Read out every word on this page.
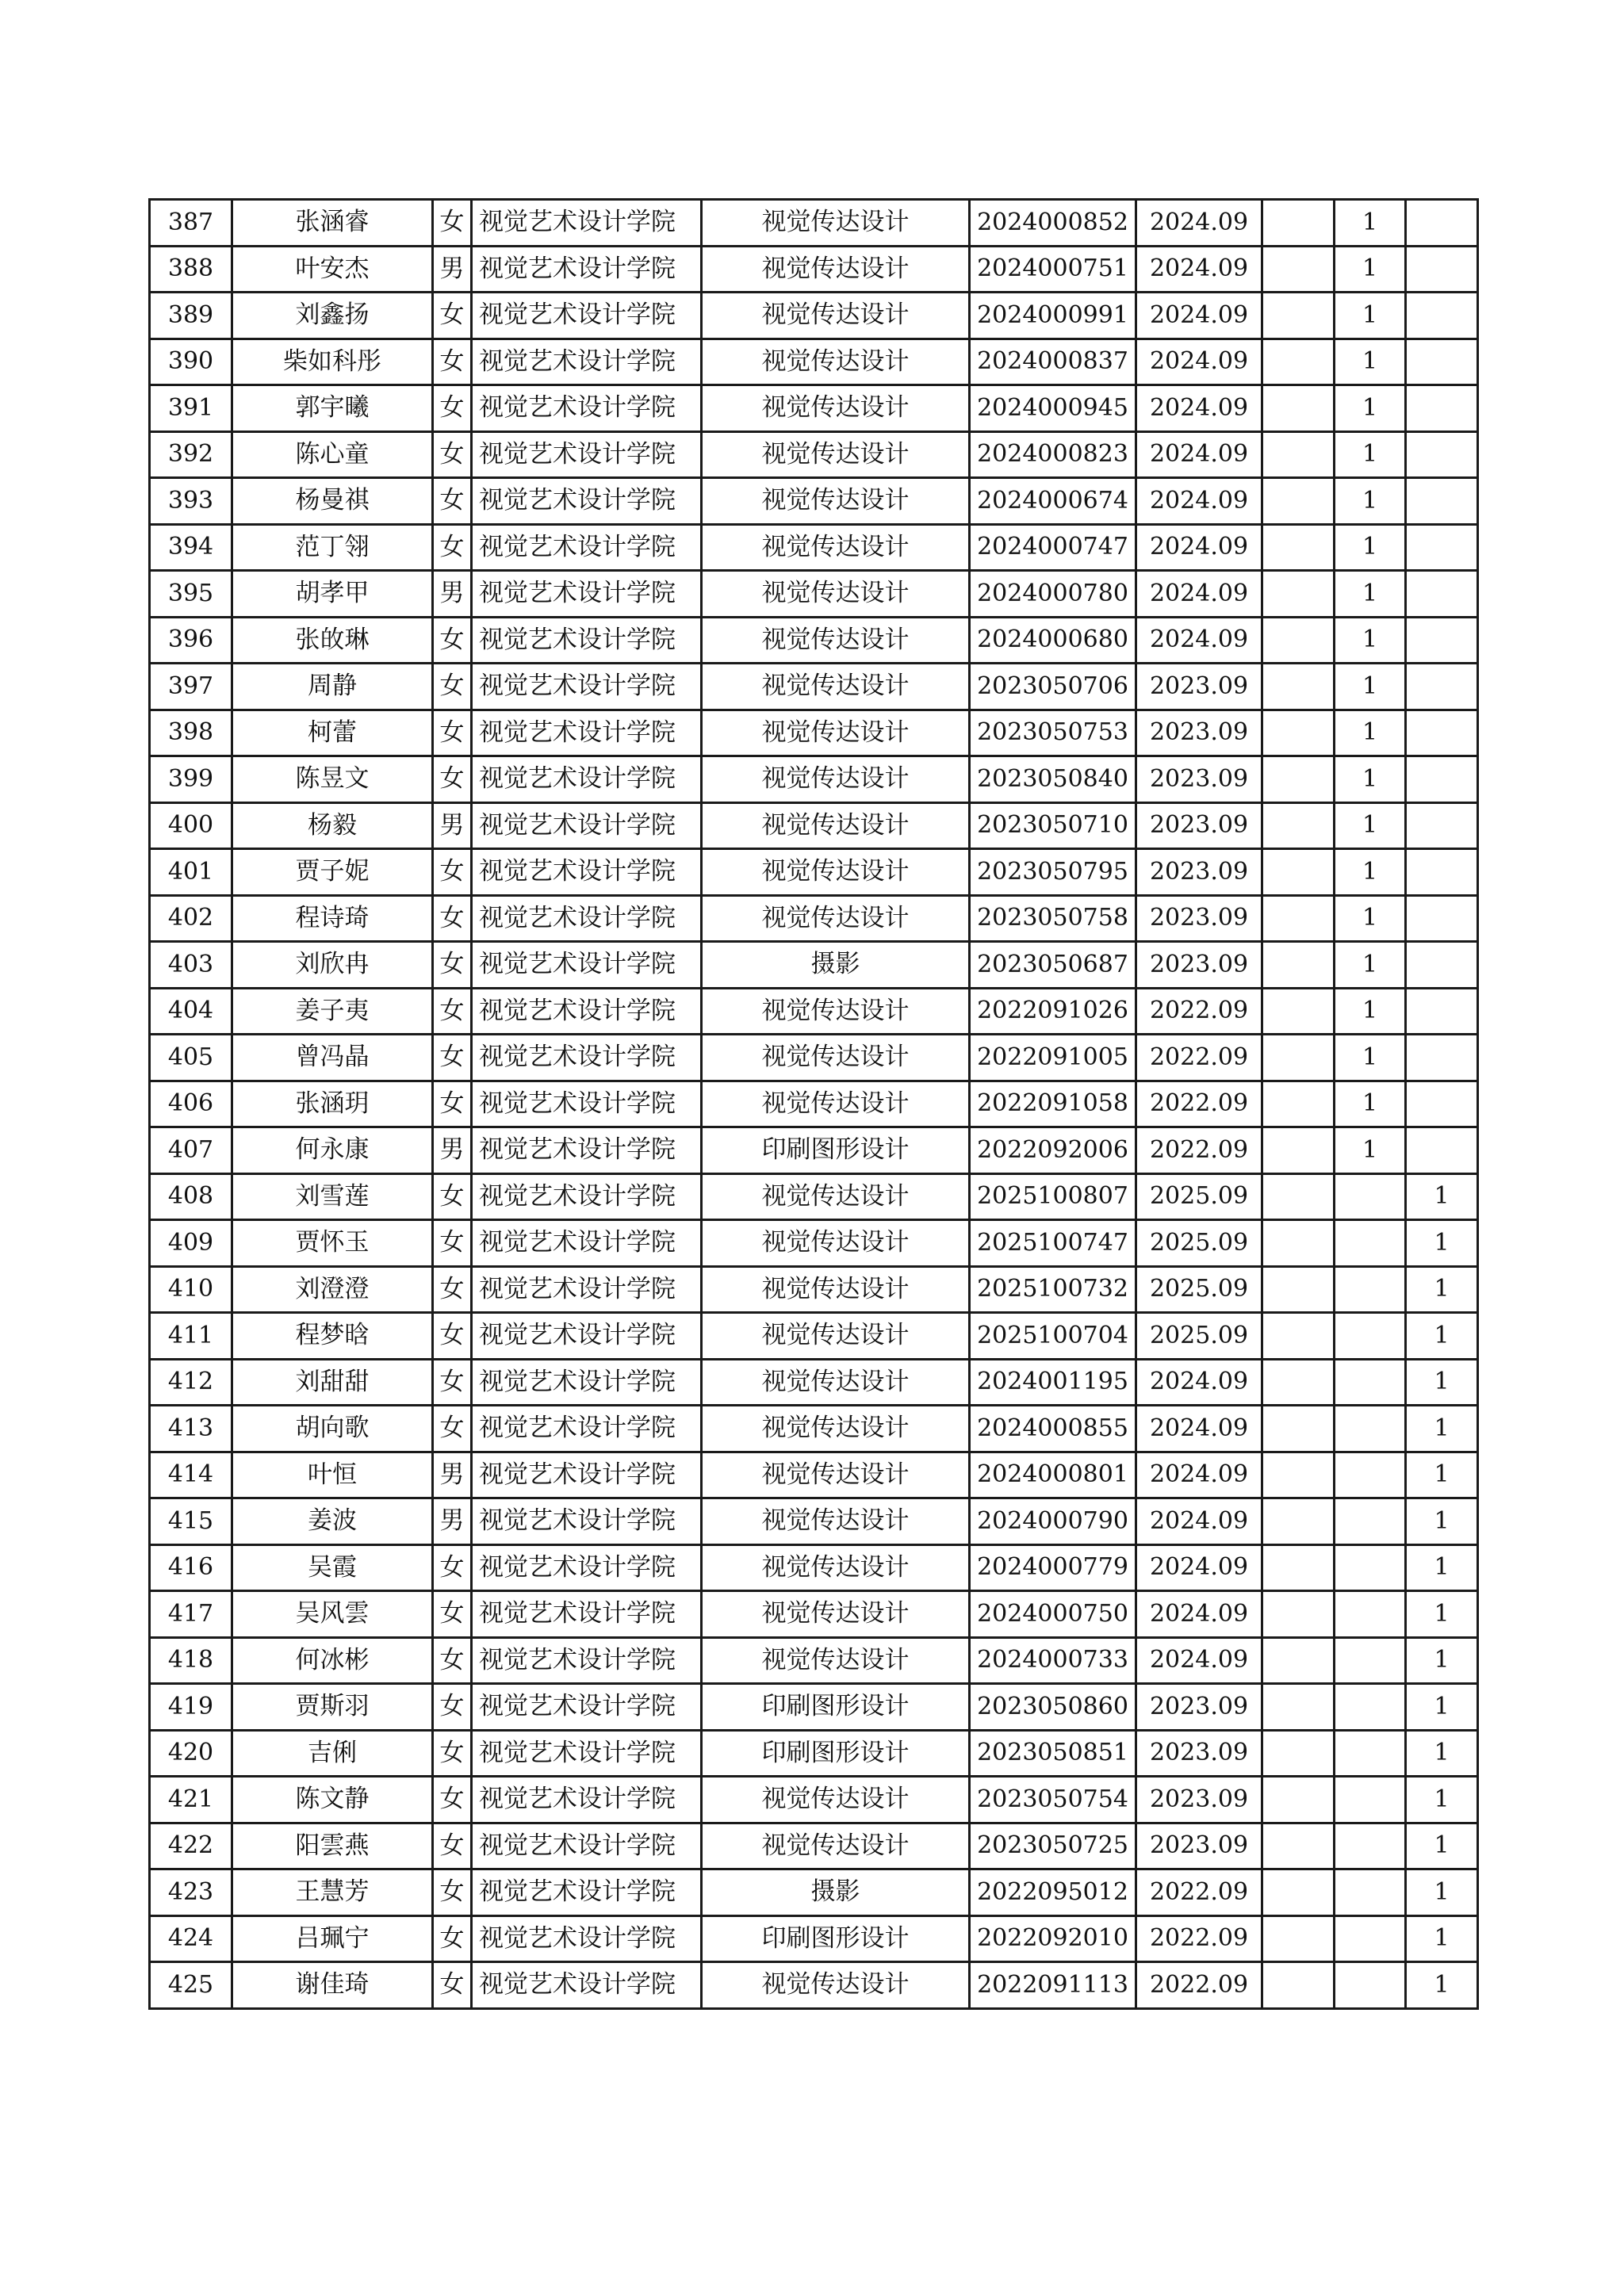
387	张涵睿	女	视觉艺术设计学院	视觉传达设计	2024000852	2024.09		1	
388	叶安杰	男	视觉艺术设计学院	视觉传达设计	2024000751	2024.09		1	
389	刘鑫扬	女	视觉艺术设计学院	视觉传达设计	2024000991	2024.09		1	
390	柴如科彤	女	视觉艺术设计学院	视觉传达设计	2024000837	2024.09		1	
391	郭宇曦	女	视觉艺术设计学院	视觉传达设计	2024000945	2024.09		1	
392	陈心童	女	视觉艺术设计学院	视觉传达设计	2024000823	2024.09		1	
393	杨曼祺	女	视觉艺术设计学院	视觉传达设计	2024000674	2024.09		1	
394	范丁翎	女	视觉艺术设计学院	视觉传达设计	2024000747	2024.09		1	
395	胡孝甲	男	视觉艺术设计学院	视觉传达设计	2024000780	2024.09		1	
396	张敀琳	女	视觉艺术设计学院	视觉传达设计	2024000680	2024.09		1	
397	周静	女	视觉艺术设计学院	视觉传达设计	2023050706	2023.09		1	
398	柯蕾	女	视觉艺术设计学院	视觉传达设计	2023050753	2023.09		1	
399	陈昱文	女	视觉艺术设计学院	视觉传达设计	2023050840	2023.09		1	
400	杨毅	男	视觉艺术设计学院	视觉传达设计	2023050710	2023.09		1	
401	贾子妮	女	视觉艺术设计学院	视觉传达设计	2023050795	2023.09		1	
402	程诗琦	女	视觉艺术设计学院	视觉传达设计	2023050758	2023.09		1	
403	刘欣冉	女	视觉艺术设计学院	摄影	2023050687	2023.09		1	
404	姜子夷	女	视觉艺术设计学院	视觉传达设计	2022091026	2022.09		1	
405	曾冯晶	女	视觉艺术设计学院	视觉传达设计	2022091005	2022.09		1	
406	张涵玥	女	视觉艺术设计学院	视觉传达设计	2022091058	2022.09		1	
407	何永康	男	视觉艺术设计学院	印刷图形设计	2022092006	2022.09		1	
408	刘雪莲	女	视觉艺术设计学院	视觉传达设计	2025100807	2025.09			1
409	贾怀玉	女	视觉艺术设计学院	视觉传达设计	2025100747	2025.09			1
410	刘澄澄	女	视觉艺术设计学院	视觉传达设计	2025100732	2025.09			1
411	程梦晗	女	视觉艺术设计学院	视觉传达设计	2025100704	2025.09			1
412	刘甜甜	女	视觉艺术设计学院	视觉传达设计	2024001195	2024.09			1
413	胡向歌	女	视觉艺术设计学院	视觉传达设计	2024000855	2024.09			1
414	叶恒	男	视觉艺术设计学院	视觉传达设计	2024000801	2024.09			1
415	姜波	男	视觉艺术设计学院	视觉传达设计	2024000790	2024.09			1
416	吴霞	女	视觉艺术设计学院	视觉传达设计	2024000779	2024.09			1
417	吴风雲	女	视觉艺术设计学院	视觉传达设计	2024000750	2024.09			1
418	何冰彬	女	视觉艺术设计学院	视觉传达设计	2024000733	2024.09			1
419	贾斯羽	女	视觉艺术设计学院	印刷图形设计	2023050860	2023.09			1
420	吉俐	女	视觉艺术设计学院	印刷图形设计	2023050851	2023.09			1
421	陈文静	女	视觉艺术设计学院	视觉传达设计	2023050754	2023.09			1
422	阳雲燕	女	视觉艺术设计学院	视觉传达设计	2023050725	2023.09			1
423	王慧芳	女	视觉艺术设计学院	摄影	2022095012	2022.09			1
424	吕珮宁	女	视觉艺术设计学院	印刷图形设计	2022092010	2022.09			1
425	谢佳琦	女	视觉艺术设计学院	视觉传达设计	2022091113	2022.09			1
